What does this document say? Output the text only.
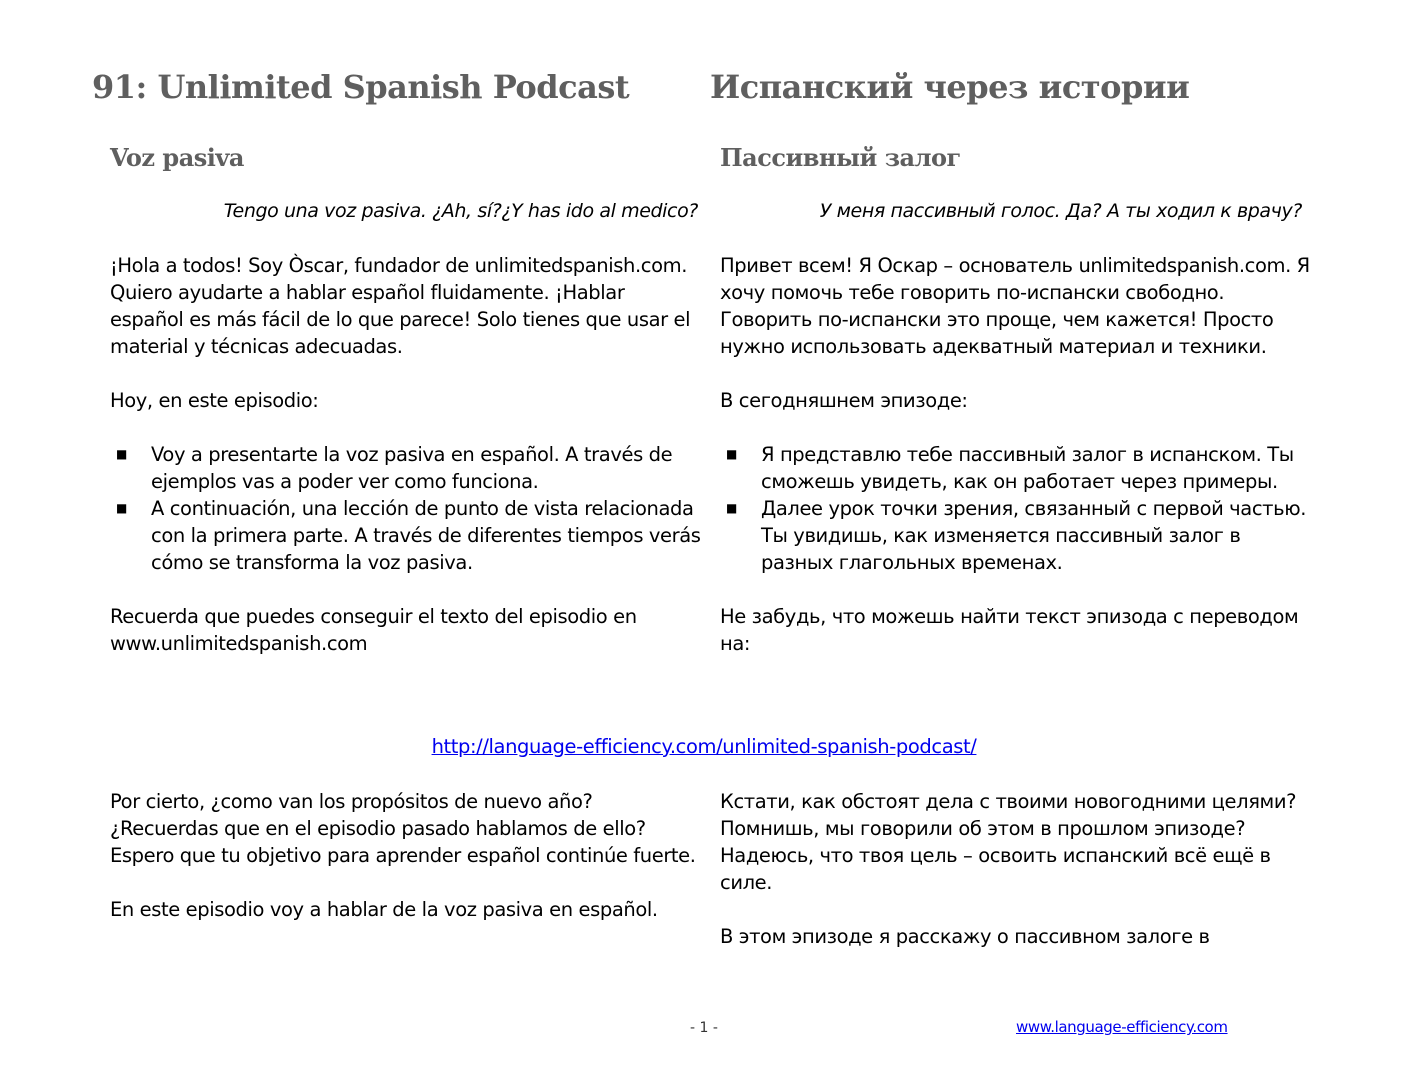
91: Unlimited Spanish Podcast	Испанский через истории
Voz pasiva	Пассивный залог

Tengo una voz pasiva. ¿Ah, sí?¿Y has ido al medico?	У меня пассивный голос. Да? А ты ходил к врачу?

¡Hola a todos! Soy Òscar, fundador de unlimitedspanish.com. Quiero ayudarte a hablar español fluidamente. ¡Hablar español es más fácil de lo que parece! Solo tienes que usar el material y técnicas adecuadas.

Hoy, en este episodio:

■ Voy a presentarte la voz pasiva en español. A través de ejemplos vas a poder ver como funciona.
■ A continuación, una lección de punto de vista relacionada con la primera parte. A través de diferentes tiempos verás cómo se transforma la voz pasiva.

Recuerda que puedes conseguir el texto del episodio en www.unlimitedspanish.com

Привет всем! Я Оскар – основатель unlimitedspanish.com. Я хочу помочь тебе говорить по-испански свободно. Говорить по-испански это проще, чем кажется! Просто нужно использовать адекватный материал и техники.

В сегодняшнем эпизоде:

■ Я представлю тебе пассивный залог в испанском. Ты сможешь увидеть, как он работает через примеры.
■ Далее урок точки зрения, связанный с первой частью. Ты увидишь, как изменяется пассивный залог в разных глагольных временах.

Не забудь, что можешь найти текст эпизода с переводом на:

http://language-efficiency.com/unlimited-spanish-podcast/

Por cierto, ¿como van los propósitos de nuevo año? ¿Recuerdas que en el episodio pasado hablamos de ello? Espero que tu objetivo para aprender español continúe fuerte.

En este episodio voy a hablar de la voz pasiva en español.

Кстати, как обстоят дела с твоими новогодними целями? Помнишь, мы говорили об этом в прошлом эпизоде? Надеюсь, что твоя цель – освоить испанский всё ещё в силе.

В этом эпизоде я расскажу о пассивном залоге в

- 1 -	www.language-efficiency.com
